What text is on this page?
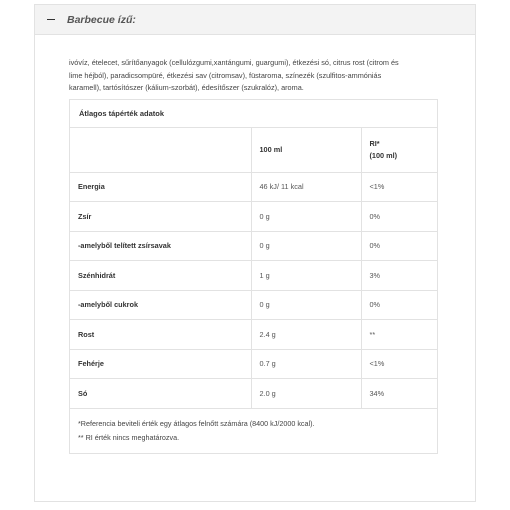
Barbecue ízű:
ivóvíz, ételecet, sűrítőanyagok (cellulózgumi,xantángumi, guargumi), étkezési só, citrus rost (citrom és
lime héjból), paradicsompüré, étkezési sav (citromsav), füstaroma, színezék (szulfitos-ammóniás
karamell), tartósítószer (kálium-szorbát), édesítőszer (szukralóz), aroma.
Átlagos tápérték adatok
	100 ml	RI*
(100 ml)

Energia	46 kJ/ 11 kcal	<1%
Zsír	0 g	0%
-amelyből telített zsírsavak	0 g	0%
Szénhidrát	1 g	3%
-amelyből cukrok	0 g	0%
Rost	2.4 g	**
Fehérje	0.7 g	<1%
Só	2.0 g	34%
*Referencia beviteli érték egy átlagos felnőtt számára (8400 kJ/2000 kcal).
** RI érték nincs meghatározva.
